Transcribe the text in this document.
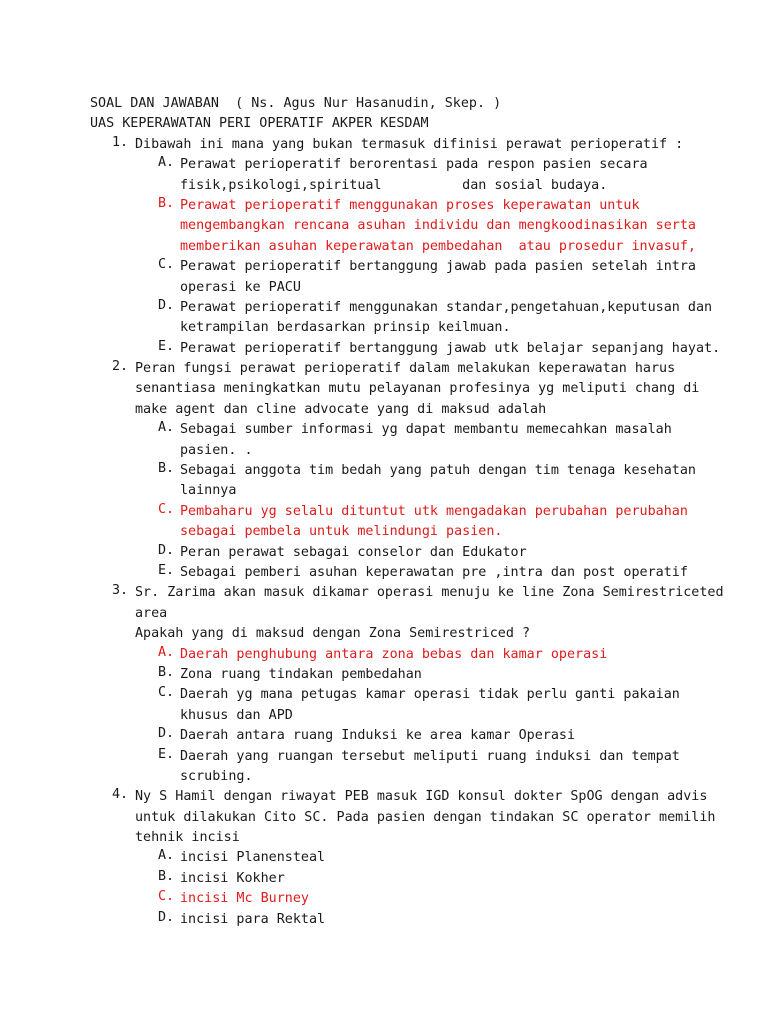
SOAL DAN JAWABAN  ( Ns. Agus Nur Hasanudin, Skep. )
UAS KEPERAWATAN PERI OPERATIF AKPER KESDAM
1. Dibawah ini mana yang bukan termasuk difinisi perawat perioperatif :
A. Perawat perioperatif berorentasi pada respon pasien secara
fisik,psikologi,spiritual          dan sosial budaya.
B. Perawat perioperatif menggunakan proses keperawatan untuk
mengembangkan rencana asuhan individu dan mengkoodinasikan serta
memberikan asuhan keperawatan pembedahan  atau prosedur invasuf,
C. Perawat perioperatif bertanggung jawab pada pasien setelah intra
operasi ke PACU
D. Perawat perioperatif menggunakan standar,pengetahuan,keputusan dan
ketrampilan berdasarkan prinsip keilmuan.
E. Perawat perioperatif bertanggung jawab utk belajar sepanjang hayat.
2. Peran fungsi perawat perioperatif dalam melakukan keperawatan harus
senantiasa meningkatkan mutu pelayanan profesinya yg meliputi chang di
make agent dan cline advocate yang di maksud adalah
A. Sebagai sumber informasi yg dapat membantu memecahkan masalah
pasien. .
B. Sebagai anggota tim bedah yang patuh dengan tim tenaga kesehatan
lainnya
C. Pembaharu yg selalu dituntut utk mengadakan perubahan perubahan
sebagai pembela untuk melindungi pasien.
D. Peran perawat sebagai conselor dan Edukator
E. Sebagai pemberi asuhan keperawatan pre ,intra dan post operatif
3. Sr. Zarima akan masuk dikamar operasi menuju ke line Zona Semirestriceted
area
Apakah yang di maksud dengan Zona Semirestriced ?
A. Daerah penghubung antara zona bebas dan kamar operasi
B. Zona ruang tindakan pembedahan
C. Daerah yg mana petugas kamar operasi tidak perlu ganti pakaian
khusus dan APD
D. Daerah antara ruang Induksi ke area kamar Operasi
E. Daerah yang ruangan tersebut meliputi ruang induksi dan tempat
scrubing.
4. Ny S Hamil dengan riwayat PEB masuk IGD konsul dokter SpOG dengan advis
untuk dilakukan Cito SC. Pada pasien dengan tindakan SC operator memilih
tehnik incisi
A. incisi Planensteal
B. incisi Kokher
C. incisi Mc Burney
D. incisi para Rektal
